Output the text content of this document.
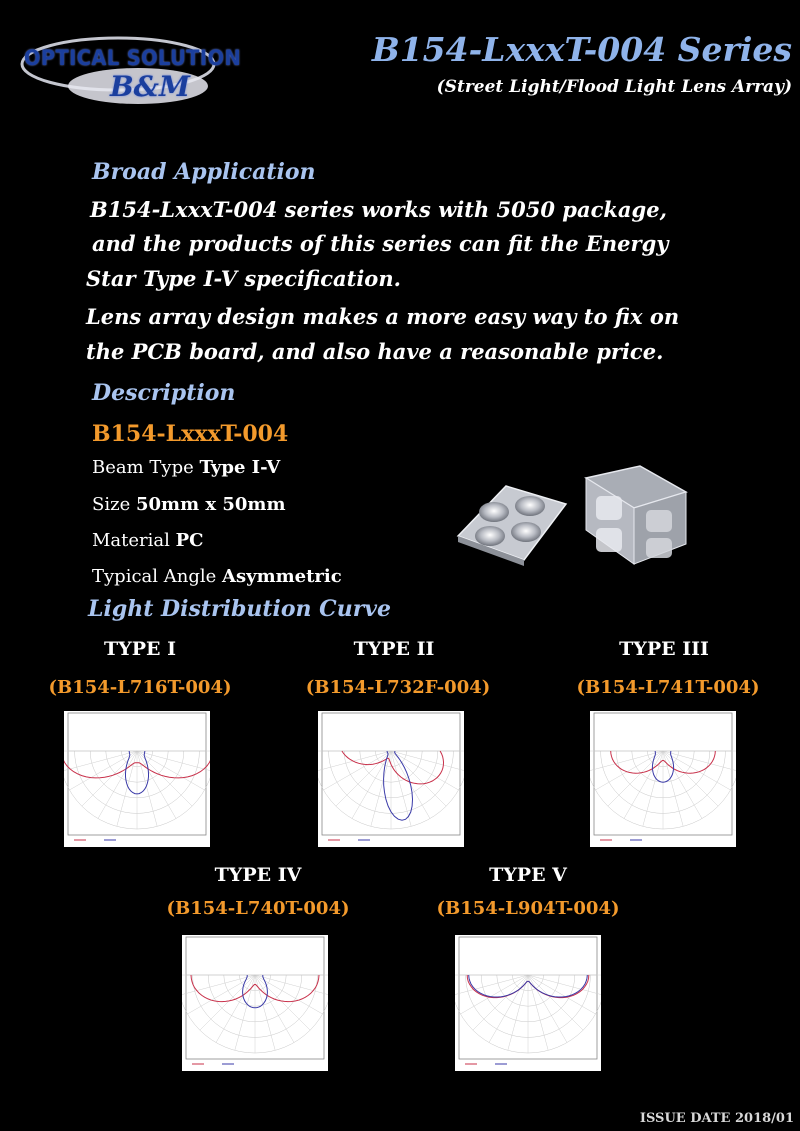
OPTICAL SOLUTION
B&M
B154-LxxxT-004 Series
(Street Light/Flood Light Lens Array)
Broad Application
B154-LxxxT-004 series works with 5050 package,
and the products of this series can fit the Energy
Star Type I-V specification.
Lens array design makes a more easy way to fix on
the PCB board, and also have a reasonable price.
Description
B154-LxxxT-004
Beam Type Type I-V
Size 50mm x 50mm
Material PC
Typical Angle Asymmetric
Light Distribution Curve
TYPE I
(B154-L716T-004)
TYPE II
(B154-L732F-004)
TYPE III
(B154-L741T-004)
TYPE IV
(B154-L740T-004)
TYPE V
(B154-L904T-004)
ISSUE DATE 2018/01
